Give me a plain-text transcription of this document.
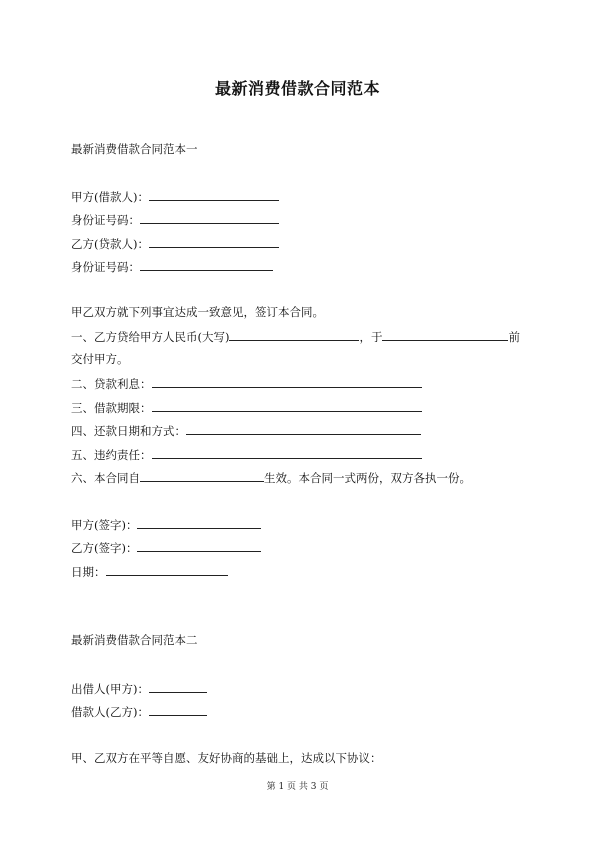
最新消费借款合同范本
最新消费借款合同范本一
甲方(借款人)：
身份证号码：
乙方(贷款人)：
身份证号码：
甲乙双方就下列事宜达成一致意见，签订本合同。
一、乙方贷给甲方人民币(大写)	，于	前
交付甲方。
二、贷款利息：
三、借款期限：
四、还款日期和方式：
五、违约责任：
六、本合同自	生效。本合同一式两份，双方各执一份。
甲方(签字)：
乙方(签字)：
日期：
最新消费借款合同范本二
出借人(甲方)：
借款人(乙方)：
甲、乙双方在平等自愿、友好协商的基础上，达成以下协议：
第 1 页 共 3 页
